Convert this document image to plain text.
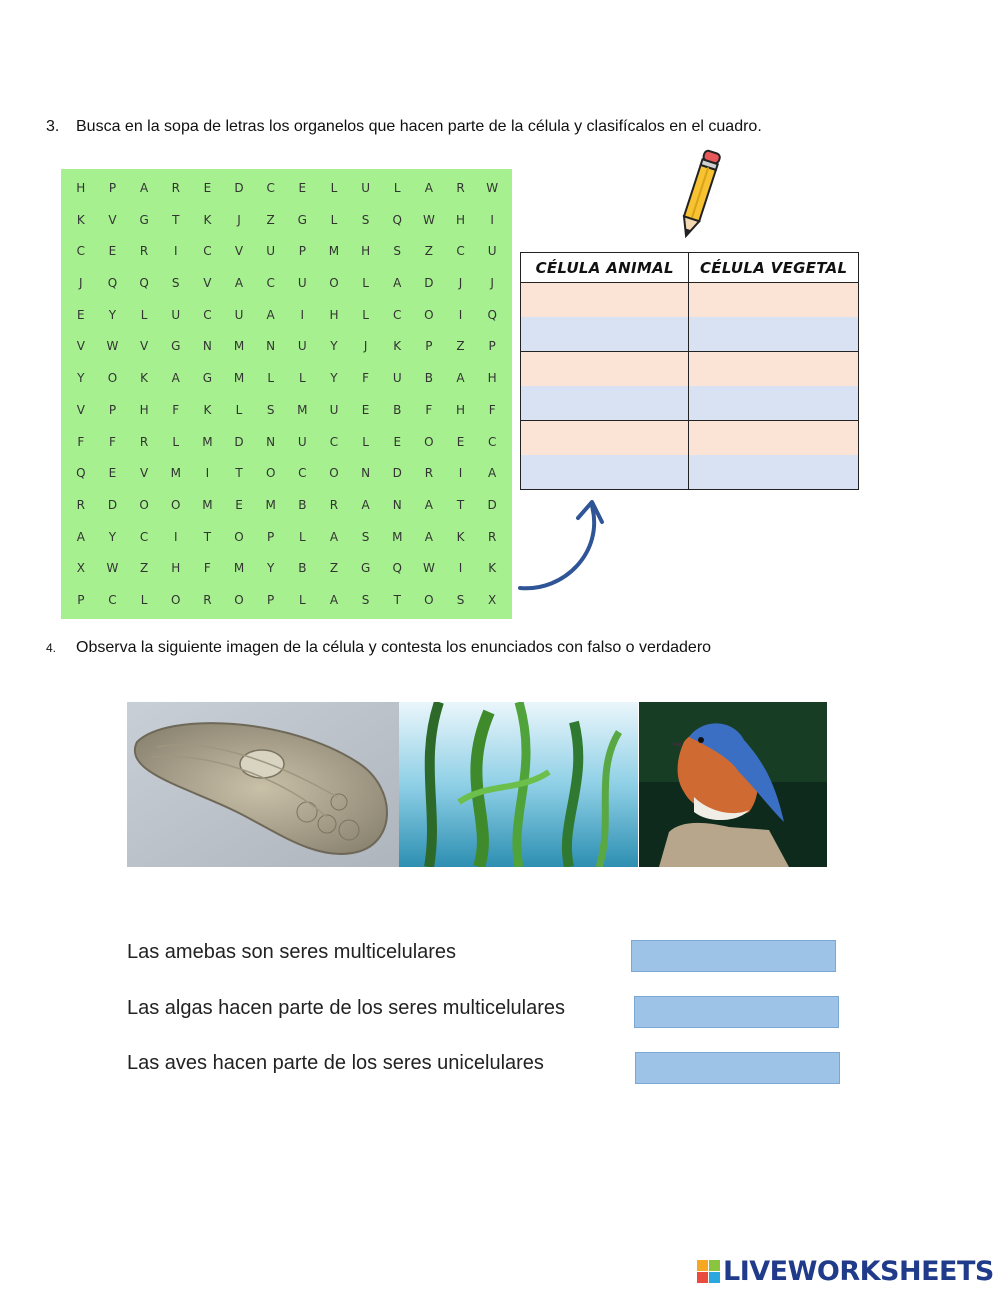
3. Busca en la sopa de letras los organelos que hacen parte de la célula y clasifícalos en el cuadro.
H	P	A	R	E	D	C	E	L	U	L	A	R	W
K	V	G	T	K	J	Z	G	L	S	Q	W	H	I
C	E	R	I	C	V	U	P	M	H	S	Z	C	U
J	Q	Q	S	V	A	C	U	O	L	A	D	J	J
E	Y	L	U	C	U	A	I	H	L	C	O	I	Q
V	W	V	G	N	M	N	U	Y	J	K	P	Z	P
Y	O	K	A	G	M	L	L	Y	F	U	B	A	H
V	P	H	F	K	L	S	M	U	E	B	F	H	F
F	F	R	L	M	D	N	U	C	L	E	O	E	C
Q	E	V	M	I	T	O	C	O	N	D	R	I	A
R	D	O	O	M	E	M	B	R	A	N	A	T	D
A	Y	C	I	T	O	P	L	A	S	M	A	K	R
X	W	Z	H	F	M	Y	B	Z	G	Q	W	I	K
P	C	L	O	R	O	P	L	A	S	T	O	S	X
CÉLULA ANIMAL	CÉLULA VEGETAL

4. Observa la siguiente imagen de la célula y contesta los enunciados con falso o verdadero
Las amebas son seres multicelulares
Las algas hacen parte de los seres multicelulares
Las aves hacen parte de los seres unicelulares
LIVEWORKSHEETS
